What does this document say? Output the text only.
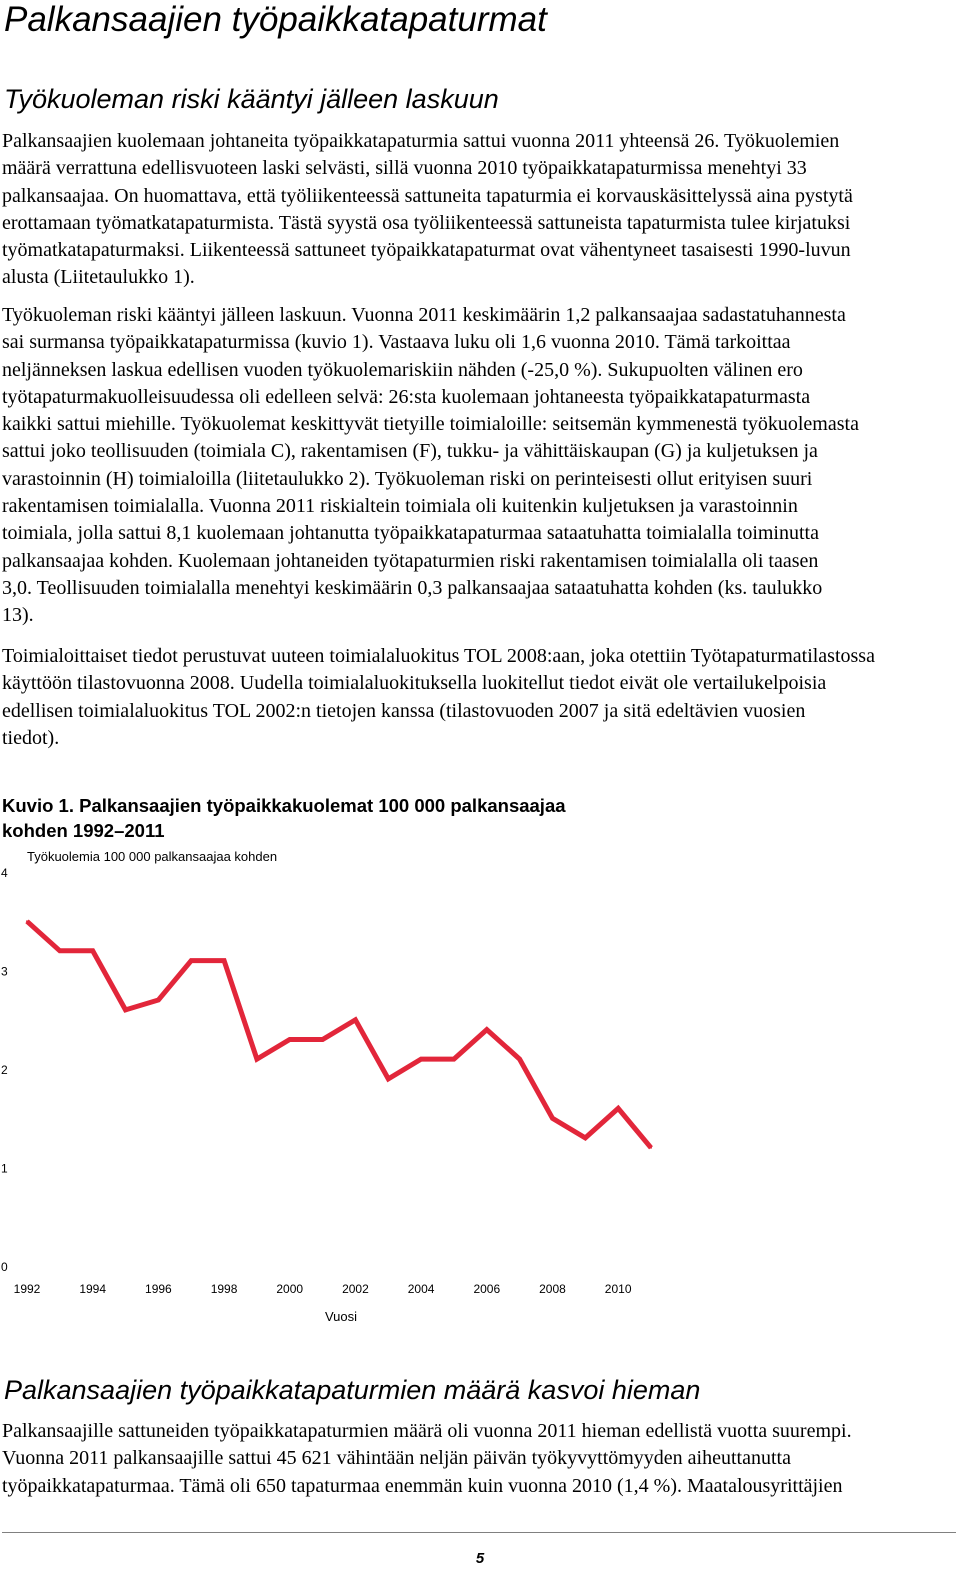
Palkansaajien työpaikkatapaturmat
Työkuoleman riski kääntyi jälleen laskuun
Palkansaajien kuolemaan johtaneita työpaikkatapaturmia sattui vuonna 2011 yhteensä 26. Työkuolemien
määrä verrattuna edellisvuoteen laski selvästi, sillä vuonna 2010 työpaikkatapaturmissa menehtyi 33
palkansaajaa. On huomattava, että työliikenteessä sattuneita tapaturmia ei korvauskäsittelyssä aina pystytä
erottamaan työmatkatapaturmista. Tästä syystä osa työliikenteessä sattuneista tapaturmista tulee kirjatuksi
työmatkatapaturmaksi. Liikenteessä sattuneet työpaikkatapaturmat ovat vähentyneet tasaisesti 1990-luvun
alusta (Liitetaulukko 1).
Työkuoleman riski kääntyi jälleen laskuun. Vuonna 2011 keskimäärin 1,2 palkansaajaa sadastatuhannesta
sai surmansa työpaikkatapaturmissa (kuvio 1). Vastaava luku oli 1,6 vuonna 2010. Tämä tarkoittaa
neljänneksen laskua edellisen vuoden työkuolemariskiin nähden (-25,0 %). Sukupuolten välinen ero
työtapaturmakuolleisuudessa oli edelleen selvä: 26:sta kuolemaan johtaneesta työpaikkatapaturmasta
kaikki sattui miehille. Työkuolemat keskittyvät tietyille toimialoille: seitsemän kymmenestä työkuolemasta
sattui joko teollisuuden (toimiala C), rakentamisen (F), tukku- ja vähittäiskaupan (G) ja kuljetuksen ja
varastoinnin (H) toimialoilla (liitetaulukko 2). Työkuoleman riski on perinteisesti ollut erityisen suuri
rakentamisen toimialalla. Vuonna 2011 riskialtein toimiala oli kuitenkin kuljetuksen ja varastoinnin
toimiala, jolla sattui 8,1 kuolemaan johtanutta työpaikkatapaturmaa sataatuhatta toimialalla toiminutta
palkansaajaa kohden. Kuolemaan johtaneiden työtapaturmien riski rakentamisen toimialalla oli taasen
3,0. Teollisuuden toimialalla menehtyi keskimäärin 0,3 palkansaajaa sataatuhatta kohden (ks. taulukko
13).
Toimialoittaiset tiedot perustuvat uuteen toimialaluokitus TOL 2008:aan, joka otettiin Työtapaturmatilastossa
käyttöön tilastovuonna 2008. Uudella toimialaluokituksella luokitellut tiedot eivät ole vertailukelpoisia
edellisen toimialaluokitus TOL 2002:n tietojen kanssa (tilastovuoden 2007 ja sitä edeltävien vuosien
tiedot).
Kuvio 1. Palkansaajien työpaikkakuolemat 100 000 palkansaajaa
kohden 1992–2011
Työkuolemia 100 000 palkansaajaa kohden
0
1
2
3
4
1992	1994	1996	1998	2000	2002	2004	2006	2008	2010
Vuosi
Palkansaajien työpaikkatapaturmien määrä kasvoi hieman
Palkansaajille sattuneiden työpaikkatapaturmien määrä oli vuonna 2011 hieman edellistä vuotta suurempi.
Vuonna 2011 palkansaajille sattui 45 621 vähintään neljän päivän työkyvyttömyyden aiheuttanutta
työpaikkatapaturmaa. Tämä oli 650 tapaturmaa enemmän kuin vuonna 2010 (1,4 %). Maatalousyrittäjien
5
